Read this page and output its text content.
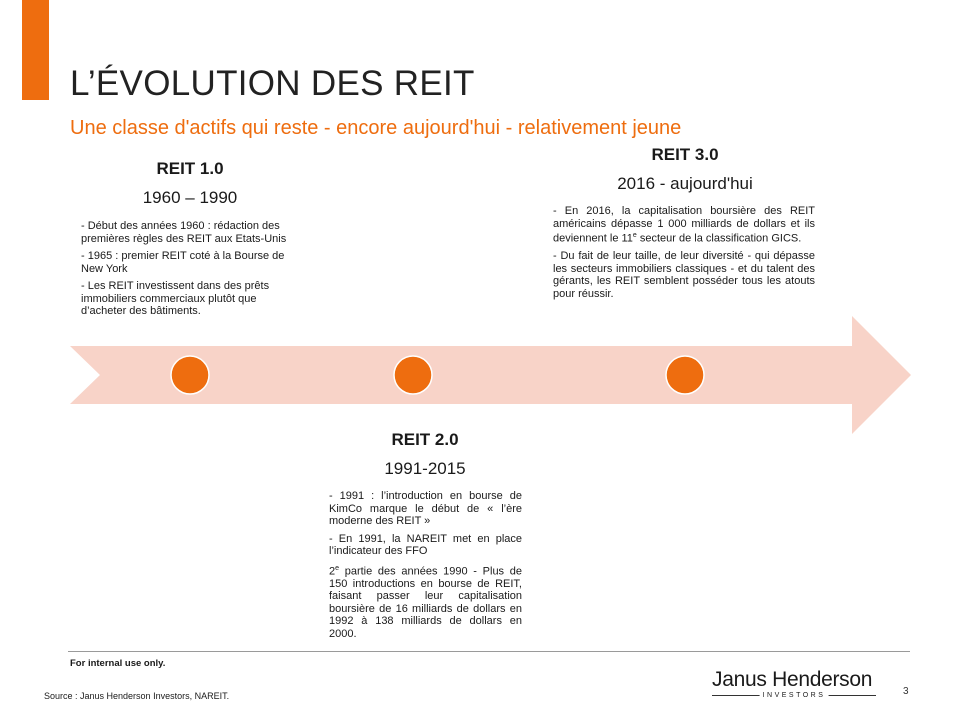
L’ÉVOLUTION DES REIT
Une classe d'actifs qui reste - encore aujourd'hui - relativement jeune
REIT 1.0
1960 – 1990

- Début des années 1960 : rédaction des premières règles des REIT aux Etats-Unis

- 1965 : premier REIT coté à la Bourse de New York

- Les REIT investissent dans des prêts immobiliers commerciaux plutôt que d’acheter des bâtiments.

REIT 2.0
1991-2015

- 1991 : l’introduction en bourse de KimCo marque le début de « l’ère moderne des REIT »

- En 1991, la NAREIT met en place l’indicateur des FFO

2e partie des années 1990 - Plus de 150 introductions en bourse de REIT, faisant passer leur capitalisation boursière de 16 milliards de dollars en 1992 à 138 milliards de dollars en 2000.

REIT 3.0
2016 - aujourd'hui

- En 2016, la capitalisation boursière des REIT américains dépasse 1 000 milliards de dollars et ils deviennent le 11e secteur de la classification GICS.

- Du fait de leur taille, de leur diversité - qui dépasse les secteurs immobiliers classiques - et du talent des gérants, les REIT semblent posséder tous les atouts pour réussir.

For internal use only.
Source : Janus Henderson Investors, NAREIT.
Janus Henderson
INVESTORS	3
